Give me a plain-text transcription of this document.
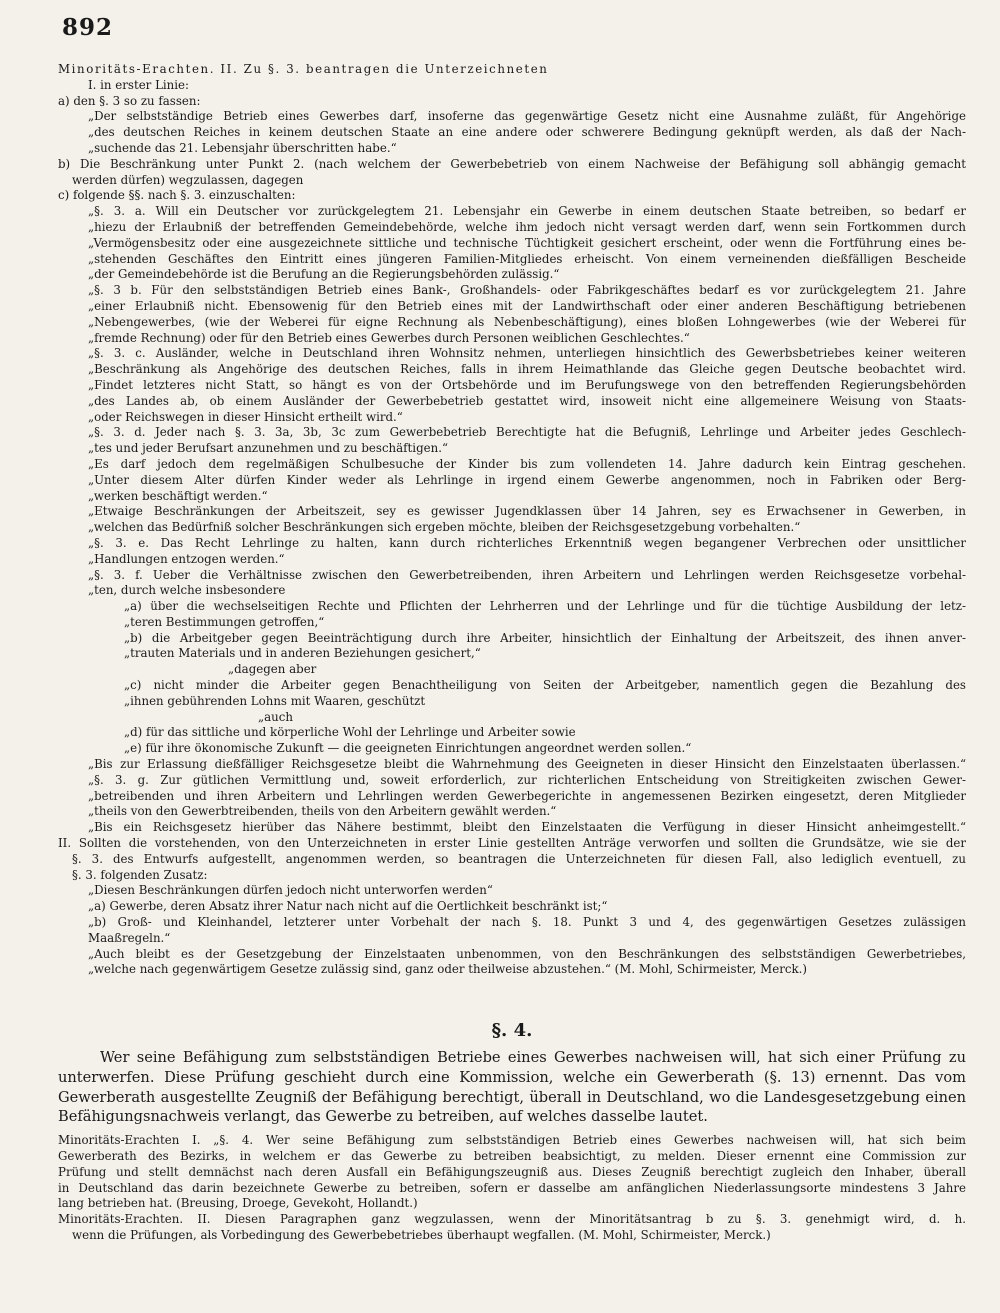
892

Minoritäts-Erachten. II. Zu §. 3. beantragen die Unterzeichneten

I. in erster Linie:

a) den §. 3 so zu fassen:

„Der selbstständige Betrieb eines Gewerbes darf, insoferne das gegenwärtige Gesetz nicht eine Ausnahme zuläßt, für Angehörige

„des deutschen Reiches in keinem deutschen Staate an eine andere oder schwerere Bedingung geknüpft werden, als daß der Nach-

„suchende das 21. Lebensjahr überschritten habe.“

b) Die Beschränkung unter Punkt 2. (nach welchem der Gewerbebetrieb von einem Nachweise der Befähigung soll abhängig gemacht

werden dürfen) wegzulassen, dagegen

c) folgende §§. nach §. 3. einzuschalten:

„§. 3. a. Will ein Deutscher vor zurückgelegtem 21. Lebensjahr ein Gewerbe in einem deutschen Staate betreiben, so bedarf er

„hiezu der Erlaubniß der betreffenden Gemeindebehörde, welche ihm jedoch nicht versagt werden darf, wenn sein Fortkommen durch

„Vermögensbesitz oder eine ausgezeichnete sittliche und technische Tüchtigkeit gesichert erscheint, oder wenn die Fortführung eines be-

„stehenden Geschäftes den Eintritt eines jüngeren Familien-Mitgliedes erheischt. Von einem verneinenden dießfälligen Bescheide

„der Gemeindebehörde ist die Berufung an die Regierungsbehörden zulässig.“

„§. 3 b. Für den selbstständigen Betrieb eines Bank-, Großhandels- oder Fabrikgeschäftes bedarf es vor zurückgelegtem 21. Jahre

„einer Erlaubniß nicht. Ebensowenig für den Betrieb eines mit der Landwirthschaft oder einer anderen Beschäftigung betriebenen

„Nebengewerbes, (wie der Weberei für eigne Rechnung als Nebenbeschäftigung), eines bloßen Lohngewerbes (wie der Weberei für

„fremde Rechnung) oder für den Betrieb eines Gewerbes durch Personen weiblichen Geschlechtes.“

„§. 3. c. Ausländer, welche in Deutschland ihren Wohnsitz nehmen, unterliegen hinsichtlich des Gewerbsbetriebes keiner weiteren

„Beschränkung als Angehörige des deutschen Reiches, falls in ihrem Heimathlande das Gleiche gegen Deutsche beobachtet wird.

„Findet letzteres nicht Statt, so hängt es von der Ortsbehörde und im Berufungswege von den betreffenden Regierungsbehörden

„des Landes ab, ob einem Ausländer der Gewerbebetrieb gestattet wird, insoweit nicht eine allgemeinere Weisung von Staats-

„oder Reichswegen in dieser Hinsicht ertheilt wird.“

„§. 3. d. Jeder nach §. 3. 3a, 3b, 3c zum Gewerbebetrieb Berechtigte hat die Befugniß, Lehrlinge und Arbeiter jedes Geschlech-

„tes und jeder Berufsart anzunehmen und zu beschäftigen.“

„Es darf jedoch dem regelmäßigen Schulbesuche der Kinder bis zum vollendeten 14. Jahre dadurch kein Eintrag geschehen.

„Unter diesem Alter dürfen Kinder weder als Lehrlinge in irgend einem Gewerbe angenommen, noch in Fabriken oder Berg-

„werken beschäftigt werden.“

„Etwaige Beschränkungen der Arbeitszeit, sey es gewisser Jugendklassen über 14 Jahren, sey es Erwachsener in Gewerben, in

„welchen das Bedürfniß solcher Beschränkungen sich ergeben möchte, bleiben der Reichsgesetzgebung vorbehalten.“

„§. 3. e. Das Recht Lehrlinge zu halten, kann durch richterliches Erkenntniß wegen begangener Verbrechen oder unsittlicher

„Handlungen entzogen werden.“

„§. 3. f. Ueber die Verhältnisse zwischen den Gewerbetreibenden, ihren Arbeitern und Lehrlingen werden Reichsgesetze vorbehal-

„ten, durch welche insbesondere

„a) über die wechselseitigen Rechte und Pflichten der Lehrherren und der Lehrlinge und für die tüchtige Ausbildung der letz-

„teren Bestimmungen getroffen,“

„b) die Arbeitgeber gegen Beeinträchtigung durch ihre Arbeiter, hinsichtlich der Einhaltung der Arbeitszeit, des ihnen anver-

„trauten Materials und in anderen Beziehungen gesichert,“

„dagegen aber

„c) nicht minder die Arbeiter gegen Benachtheiligung von Seiten der Arbeitgeber, namentlich gegen die Bezahlung des

„ihnen gebührenden Lohns mit Waaren, geschützt

„auch

„d) für das sittliche und körperliche Wohl der Lehrlinge und Arbeiter sowie

„e) für ihre ökonomische Zukunft — die geeigneten Einrichtungen angeordnet werden sollen.“

„Bis zur Erlassung dießfälliger Reichsgesetze bleibt die Wahrnehmung des Geeigneten in dieser Hinsicht den Einzelstaaten überlassen.“

„§. 3. g. Zur gütlichen Vermittlung und, soweit erforderlich, zur richterlichen Entscheidung von Streitigkeiten zwischen Gewer-

„betreibenden und ihren Arbeitern und Lehrlingen werden Gewerbegerichte in angemessenen Bezirken eingesetzt, deren Mitglieder

„theils von den Gewerbtreibenden, theils von den Arbeitern gewählt werden.“

„Bis ein Reichsgesetz hierüber das Nähere bestimmt, bleibt den Einzelstaaten die Verfügung in dieser Hinsicht anheimgestellt.“

II. Sollten die vorstehenden, von den Unterzeichneten in erster Linie gestellten Anträge verworfen und sollten die Grundsätze, wie sie der

§. 3. des Entwurfs aufgestellt, angenommen werden, so beantragen die Unterzeichneten für diesen Fall, also lediglich eventuell, zu

§. 3. folgenden Zusatz:

„Diesen Beschränkungen dürfen jedoch nicht unterworfen werden“

„a) Gewerbe, deren Absatz ihrer Natur nach nicht auf die Oertlichkeit beschränkt ist;“

„b) Groß- und Kleinhandel, letzterer unter Vorbehalt der nach §. 18. Punkt 3 und 4, des gegenwärtigen Gesetzes zulässigen

Maaßregeln.“

„Auch bleibt es der Gesetzgebung der Einzelstaaten unbenommen, von den Beschränkungen des selbstständigen Gewerbetriebes,

„welche nach gegenwärtigem Gesetze zulässig sind, ganz oder theilweise abzustehen.“ (M. Mohl, Schirmeister, Merck.)

§. 4.

Wer seine Befähigung zum selbstständigen Betriebe eines Gewerbes nachweisen will, hat sich einer Prüfung zu

unterwerfen. Diese Prüfung geschieht durch eine Kommission, welche ein Gewerberath (§. 13) ernennt. Das vom

Gewerberath ausgestellte Zeugniß der Befähigung berechtigt, überall in Deutschland, wo die Landesgesetzgebung einen

Befähigungsnachweis verlangt, das Gewerbe zu betreiben, auf welches dasselbe lautet.

Minoritäts-Erachten I. „§. 4. Wer seine Befähigung zum selbstständigen Betrieb eines Gewerbes nachweisen will, hat sich beim

Gewerberath des Bezirks, in welchem er das Gewerbe zu betreiben beabsichtigt, zu melden. Dieser ernennt eine Commission zur

Prüfung und stellt demnächst nach deren Ausfall ein Befähigungszeugniß aus. Dieses Zeugniß berechtigt zugleich den Inhaber, überall

in Deutschland das darin bezeichnete Gewerbe zu betreiben, sofern er dasselbe am anfänglichen Niederlassungsorte mindestens 3 Jahre

lang betrieben hat. (Breusing, Droege, Gevekoht, Hollandt.)

Minoritäts-Erachten. II. Diesen Paragraphen ganz wegzulassen, wenn der Minoritätsantrag b zu §. 3. genehmigt wird, d. h.

wenn die Prüfungen, als Vorbedingung des Gewerbebetriebes überhaupt wegfallen. (M. Mohl, Schirmeister, Merck.)
